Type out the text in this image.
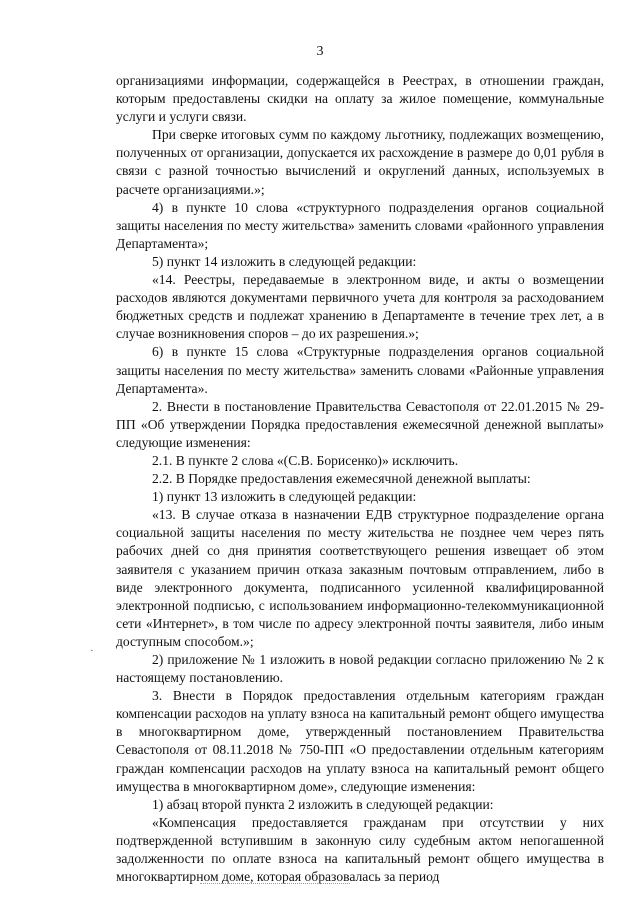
3

организациями информации, содержащейся в Реестрах, в отношении граждан, которым предоставлены скидки на оплату за жилое помещение, коммунальные услуги и услуги связи.

При сверке итоговых сумм по каждому льготнику, подлежащих возмещению, полученных от организации, допускается их расхождение в размере до 0,01 рубля в связи с разной точностью вычислений и округлений данных, используемых в расчете организациями.»;

4) в пункте 10 слова «структурного подразделения органов социальной защиты населения по месту жительства» заменить словами «районного управления Департамента»;

5) пункт 14 изложить в следующей редакции:

«14. Реестры, передаваемые в электронном виде, и акты о возмещении расходов являются документами первичного учета для контроля за расходованием бюджетных средств и подлежат хранению в Департаменте в течение трех лет, а в случае возникновения споров – до их разрешения.»;

6) в пункте 15 слова «Структурные подразделения органов социальной защиты населения по месту жительства» заменить словами «Районные управления Департамента».

2. Внести в постановление Правительства Севастополя от 22.01.2015 № 29-ПП «Об утверждении Порядка предоставления ежемесячной денежной выплаты» следующие изменения:

2.1. В пункте 2 слова «(С.В. Борисенко)» исключить.

2.2. В Порядке предоставления ежемесячной денежной выплаты:

1) пункт 13 изложить в следующей редакции:

«13. В случае отказа в назначении ЕДВ структурное подразделение органа социальной защиты населения по месту жительства не позднее чем через пять рабочих дней со дня принятия соответствующего решения извещает об этом заявителя с указанием причин отказа заказным почтовым отправлением, либо в виде электронного документа, подписанного усиленной квалифицированной электронной подписью, с использованием информационно-телекоммуникационной сети «Интернет», в том числе по адресу электронной почты заявителя, либо иным доступным способом.»;

2) приложение № 1 изложить в новой редакции согласно приложению № 2 к настоящему постановлению.

3. Внести в Порядок предоставления отдельным категориям граждан компенсации расходов на уплату взноса на капитальный ремонт общего имущества в многоквартирном доме, утвержденный постановлением Правительства Севастополя от 08.11.2018 № 750-ПП «О предоставлении отдельным категориям граждан компенсации расходов на уплату взноса на капитальный ремонт общего имущества в многоквартирном доме», следующие изменения:

1) абзац второй пункта 2 изложить в следующей редакции:

«Компенсация предоставляется гражданам при отсутствии у них подтвержденной вступившим в законную силу судебным актом непогашенной задолженности по оплате взноса на капитальный ремонт общего имущества в многоквартирном доме, которая образовалась за период

·
